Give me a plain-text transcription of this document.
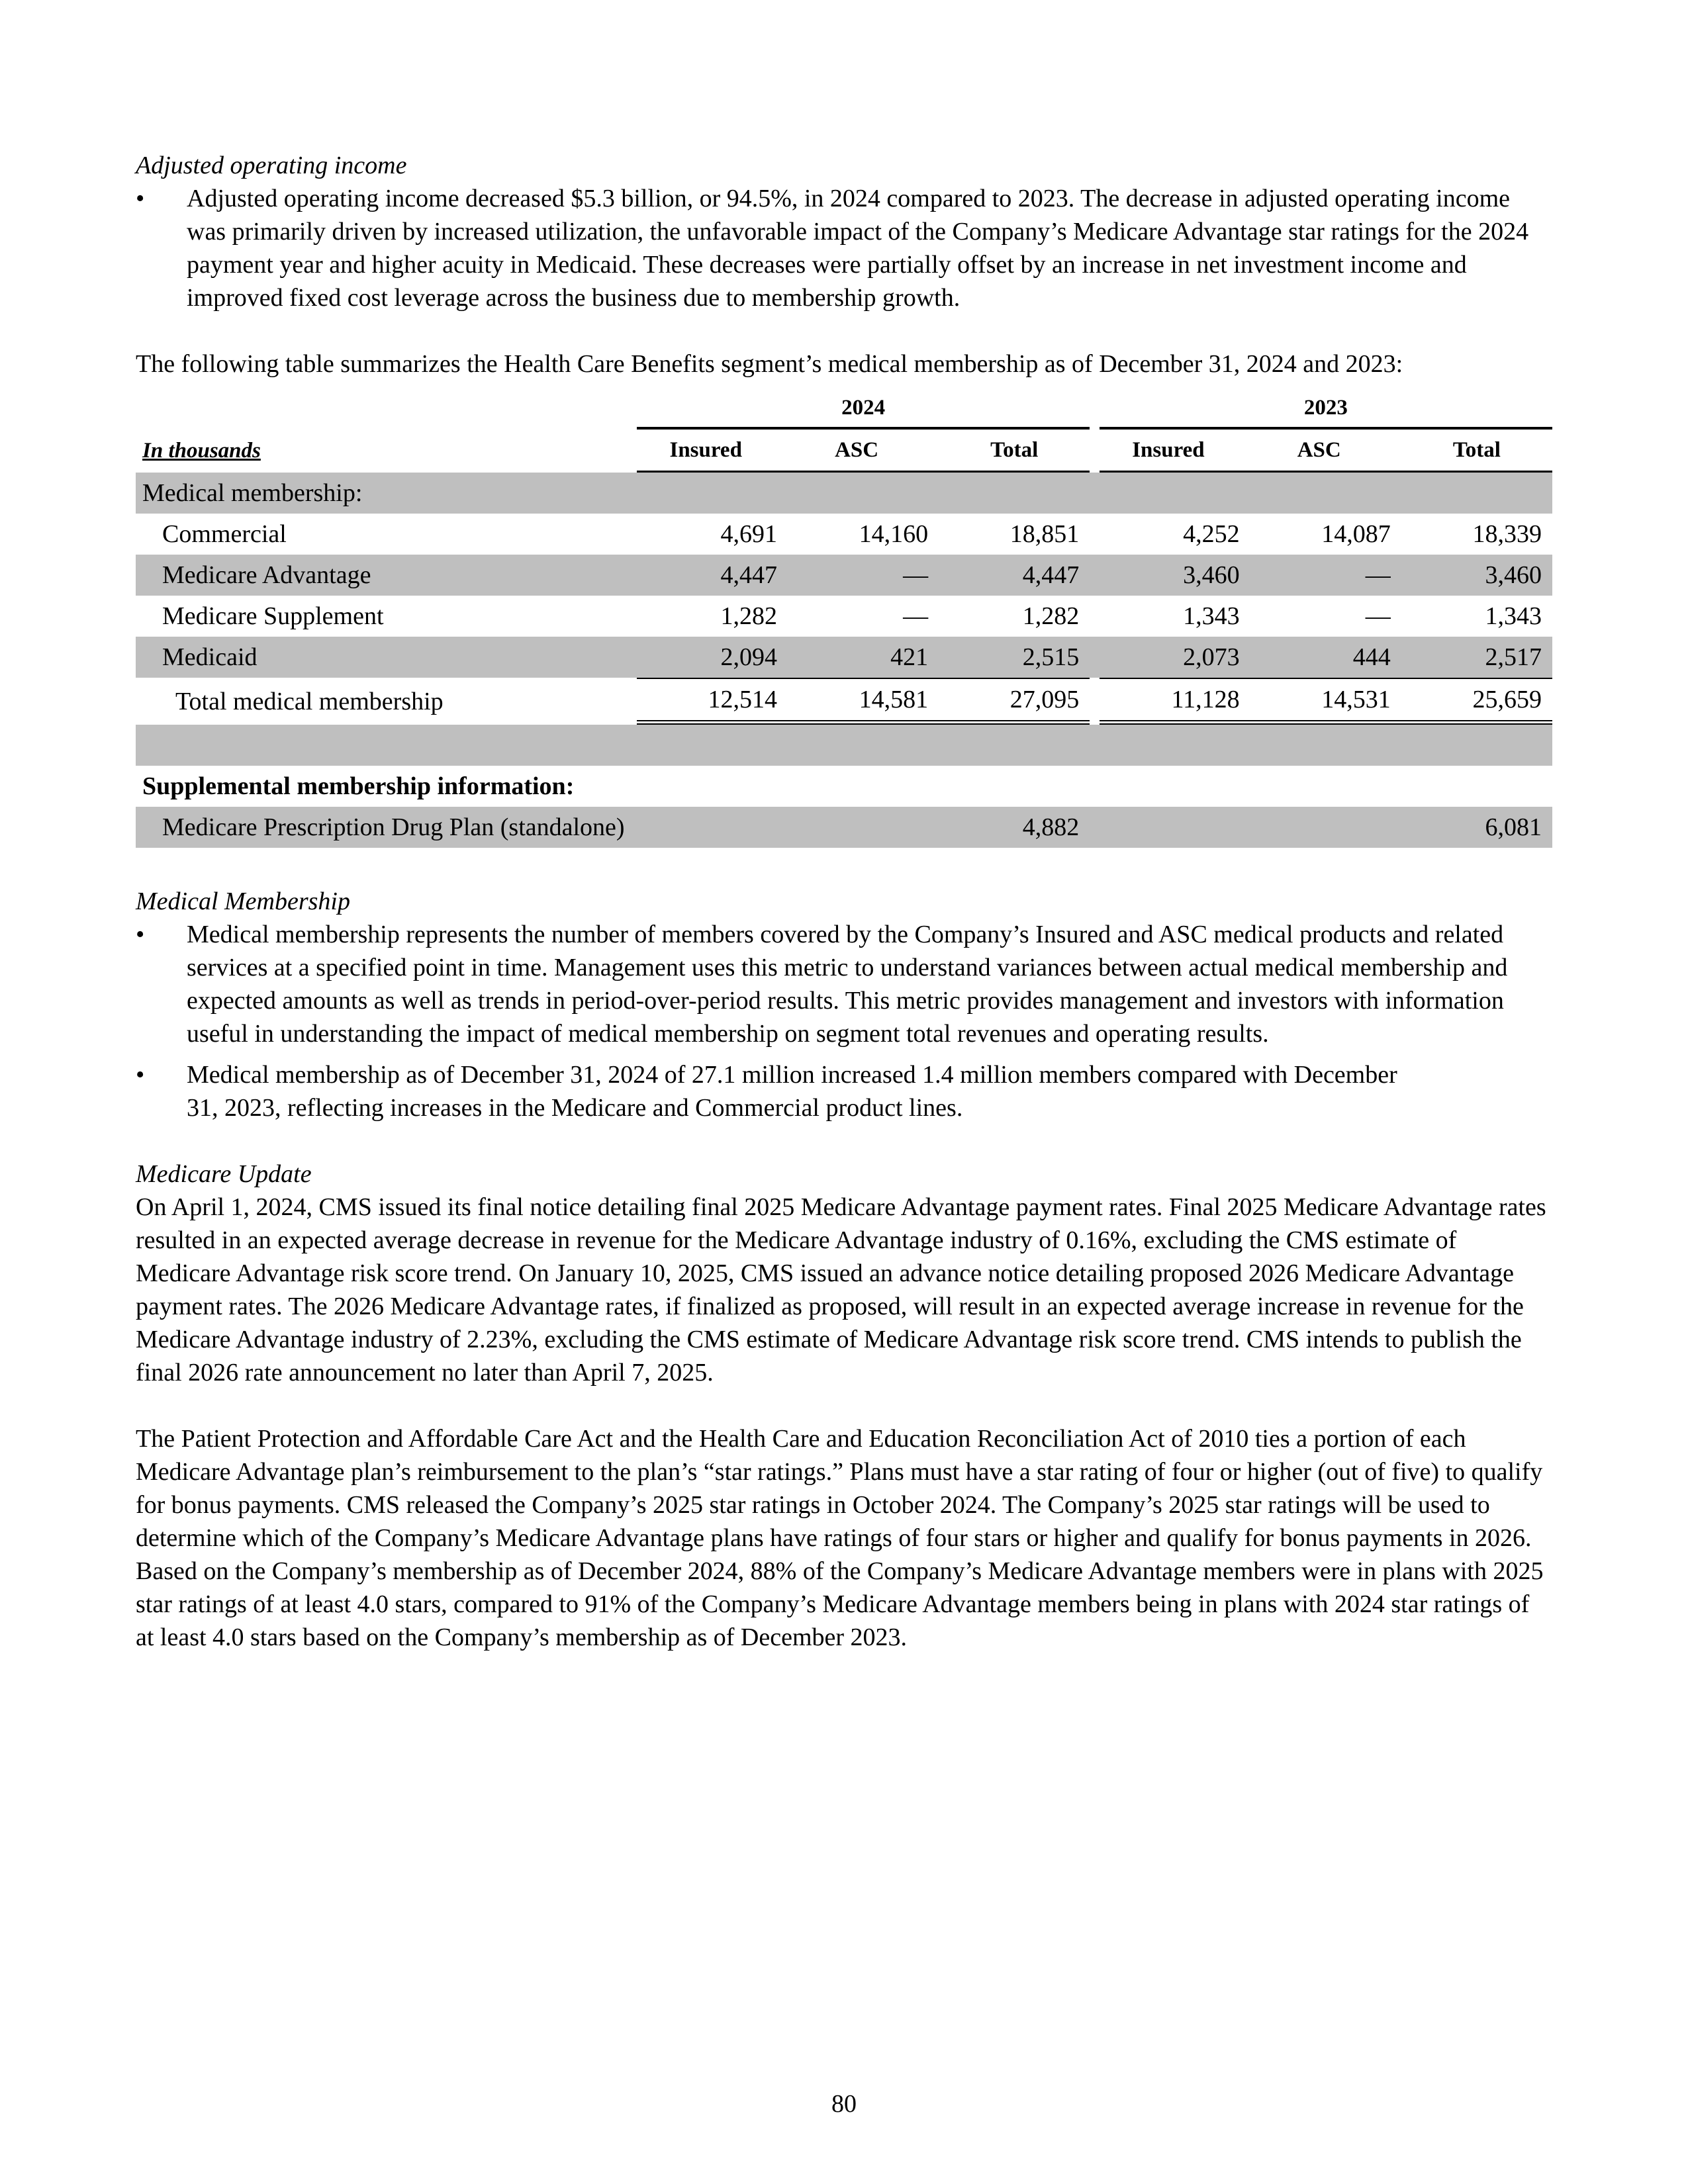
Adjusted operating income

•	Adjusted operating income decreased $5.3 billion, or 94.5%, in 2024 compared to 2023. The decrease in adjusted operating income was primarily driven by increased utilization, the unfavorable impact of the Company’s Medicare Advantage star ratings for the 2024 payment year and higher acuity in Medicaid. These decreases were partially offset by an increase in net investment income and improved fixed cost leverage across the business due to membership growth.

The following table summarizes the Health Care Benefits segment’s medical membership as of December 31, 2024 and 2023:

		2024						2023				
In thousands		Insured		ASC		Total		Insured		ASC		Total
Medical membership:												
Commercial		4,691		14,160		18,851		4,252		14,087		18,339
Medicare Advantage		4,447		—		4,447		3,460		—		3,460
Medicare Supplement		1,282		—		1,282		1,343		—		1,343
Medicaid		2,094		421		2,515		2,073		444		2,517
Total medical membership		12,514		14,581		27,095		11,128		14,531		25,659

Supplemental membership information:												
Medicare Prescription Drug Plan (standalone)						4,882						6,081

Medical Membership

•	Medical membership represents the number of members covered by the Company’s Insured and ASC medical products and related services at a specified point in time. Management uses this metric to understand variances between actual medical membership and expected amounts as well as trends in period-over-period results. This metric provides management and investors with information useful in understanding the impact of medical membership on segment total revenues and operating results.
•	Medical membership as of December 31, 2024 of 27.1 million increased 1.4 million members compared with December 31, 2023, reflecting increases in the Medicare and Commercial product lines.

Medicare Update

On April 1, 2024, CMS issued its final notice detailing final 2025 Medicare Advantage payment rates. Final 2025 Medicare Advantage rates resulted in an expected average decrease in revenue for the Medicare Advantage industry of 0.16%, excluding the CMS estimate of Medicare Advantage risk score trend. On January 10, 2025, CMS issued an advance notice detailing proposed 2026 Medicare Advantage payment rates. The 2026 Medicare Advantage rates, if finalized as proposed, will result in an expected average increase in revenue for the Medicare Advantage industry of 2.23%, excluding the CMS estimate of Medicare Advantage risk score trend. CMS intends to publish the final 2026 rate announcement no later than April 7, 2025.

The Patient Protection and Affordable Care Act and the Health Care and Education Reconciliation Act of 2010 ties a portion of each Medicare Advantage plan’s reimbursement to the plan’s “star ratings.” Plans must have a star rating of four or higher (out of five) to qualify for bonus payments. CMS released the Company’s 2025 star ratings in October 2024. The Company’s 2025 star ratings will be used to determine which of the Company’s Medicare Advantage plans have ratings of four stars or higher and qualify for bonus payments in 2026. Based on the Company’s membership as of December 2024, 88% of the Company’s Medicare Advantage members were in plans with 2025 star ratings of at least 4.0 stars, compared to 91% of the Company’s Medicare Advantage members being in plans with 2024 star ratings of at least 4.0 stars based on the Company’s membership as of December 2023.

80
